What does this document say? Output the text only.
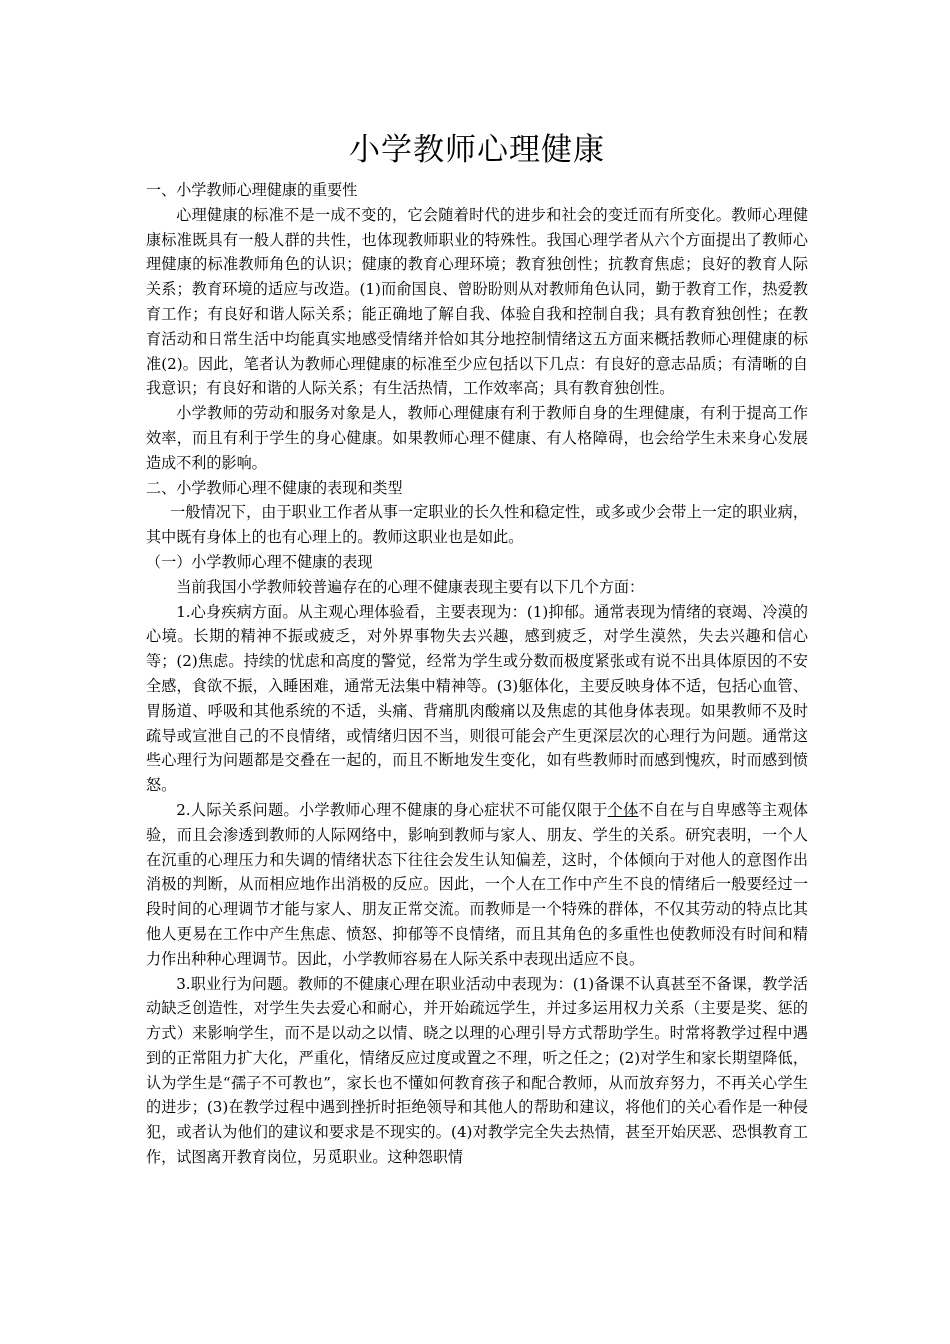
小学教师心理健康

一、小学教师心理健康的重要性

心理健康的标准不是一成不变的，它会随着时代的进步和社会的变迁而有所变化。教师心理健康标准既具有一般人群的共性，也体现教师职业的特殊性。我国心理学者从六个方面提出了教师心理健康的标准教师角色的认识；健康的教育心理环境；教育独创性；抗教育焦虑；良好的教育人际关系；教育环境的适应与改造。(1)而俞国良、曾盼盼则从对教师角色认同，勤于教育工作，热爱教育工作；有良好和谐人际关系；能正确地了解自我、体验自我和控制自我；具有教育独创性；在教育活动和日常生活中均能真实地感受情绪并恰如其分地控制情绪这五方面来概括教师心理健康的标准(2)。因此，笔者认为教师心理健康的标准至少应包括以下几点：有良好的意志品质；有清晰的自我意识；有良好和谐的人际关系；有生活热情，工作效率高；具有教育独创性。

小学教师的劳动和服务对象是人，教师心理健康有利于教师自身的生理健康，有利于提高工作效率，而且有利于学生的身心健康。如果教师心理不健康、有人格障碍，也会给学生未来身心发展造成不利的影响。

二、小学教师心理不健康的表现和类型

一般情况下，由于职业工作者从事一定职业的长久性和稳定性，或多或少会带上一定的职业病，其中既有身体上的也有心理上的。教师这职业也是如此。

（一）小学教师心理不健康的表现

当前我国小学教师较普遍存在的心理不健康表现主要有以下几个方面：

1.心身疾病方面。从主观心理体验看，主要表现为：(1)抑郁。通常表现为情绪的衰竭、冷漠的心境。长期的精神不振或疲乏，对外界事物失去兴趣，感到疲乏，对学生漠然，失去兴趣和信心等；(2)焦虑。持续的忧虑和高度的警觉，经常为学生或分数而极度紧张或有说不出具体原因的不安全感，食欲不振，入睡困难，通常无法集中精神等。(3)躯体化，主要反映身体不适，包括心血管、胃肠道、呼吸和其他系统的不适，头痛、背痛肌肉酸痛以及焦虑的其他身体表现。如果教师不及时疏导或宣泄自己的不良情绪，或情绪归因不当，则很可能会产生更深层次的心理行为问题。通常这些心理行为问题都是交叠在一起的，而且不断地发生变化，如有些教师时而感到愧疚，时而感到愤怒。

2.人际关系问题。小学教师心理不健康的身心症状不可能仅限于个体不自在与自卑感等主观体验，而且会渗透到教师的人际网络中，影响到教师与家人、朋友、学生的关系。研究表明，一个人在沉重的心理压力和失调的情绪状态下往往会发生认知偏差，这时，个体倾向于对他人的意图作出消极的判断，从而相应地作出消极的反应。因此，一个人在工作中产生不良的情绪后一般要经过一段时间的心理调节才能与家人、朋友正常交流。而教师是一个特殊的群体，不仅其劳动的特点比其他人更易在工作中产生焦虑、愤怒、抑郁等不良情绪，而且其角色的多重性也使教师没有时间和精力作出种种心理调节。因此，小学教师容易在人际关系中表现出适应不良。

3.职业行为问题。教师的不健康心理在职业活动中表现为：(1)备课不认真甚至不备课，教学活动缺乏创造性，对学生失去爱心和耐心，并开始疏远学生，并过多运用权力关系（主要是奖、惩的方式）来影响学生，而不是以动之以情、晓之以理的心理引导方式帮助学生。时常将教学过程中遇到的正常阻力扩大化，严重化，情绪反应过度或置之不理，听之任之；(2)对学生和家长期望降低，认为学生是“孺子不可教也”，家长也不懂如何教育孩子和配合教师，从而放弃努力，不再关心学生的进步；(3)在教学过程中遇到挫折时拒绝领导和其他人的帮助和建议，将他们的关心看作是一种侵犯，或者认为他们的建议和要求是不现实的。(4)对教学完全失去热情，甚至开始厌恶、恐惧教育工作，试图离开教育岗位，另觅职业。这种怨职情
